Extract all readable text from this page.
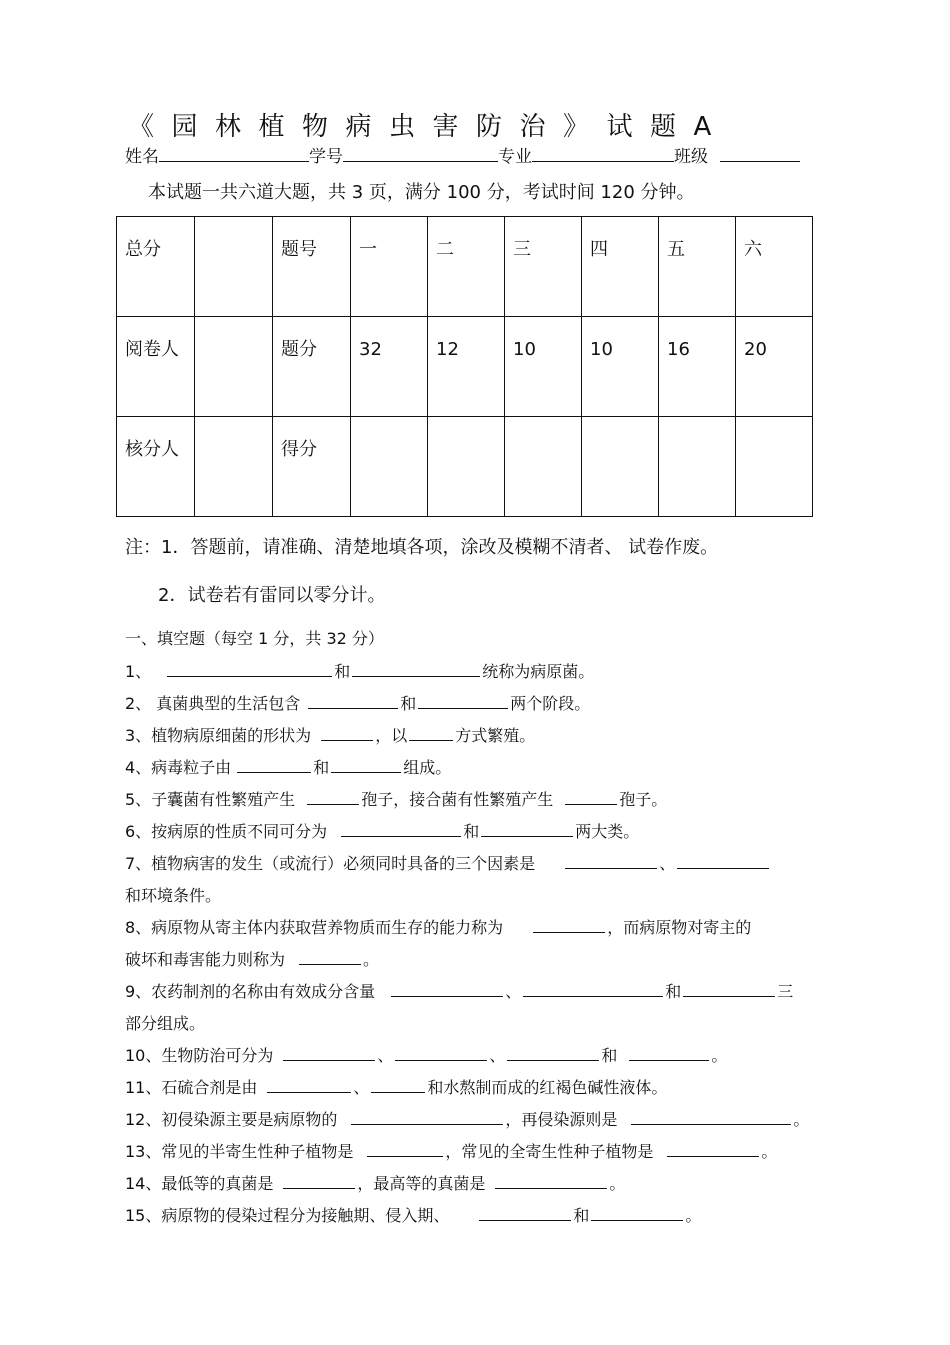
《园林植物病虫害防治》试题A
姓名	学号	专业	班级
本试题一共六道大题，共 3 页，满分 100 分，考试时间 120 分钟。
总分		题号	一	二	三	四	五	六
阅卷人		题分	32	12	10	10	16	20
核分人		得分						
注：1．答题前，请准确、清楚地填各项，涂改及模糊不清者、 试卷作废。
2．试卷若有雷同以零分计。
一、填空题（每空 1 分，共 32 分）
1、	和	统称为病原菌。
2、 真菌典型的生活包含	和	两个阶段。
3、植物病原细菌的形状为	，以	方式繁殖。
4、病毒粒子由	和	组成。
5、子囊菌有性繁殖产生	孢子，接合菌有性繁殖产生	孢子。
6、按病原的性质不同可分为	和	两大类。
7、植物病害的发生（或流行）必须同时具备的三个因素是	、
和环境条件。
8、病原物从寄主体内获取营养物质而生存的能力称为	，而病原物对寄主的
破坏和毒害能力则称为	。
9、农药制剂的名称由有效成分含量	、	和	三
部分组成。
10、生物防治可分为	、	、	和	。
11、石硫合剂是由	、	和水熬制而成的红褐色碱性液体。
12、初侵染源主要是病原物的	，再侵染源则是	。
13、常见的半寄生性种子植物是	，常见的全寄生性种子植物是	。
14、最低等的真菌是	，最高等的真菌是	。
15、病原物的侵染过程分为接触期、侵入期、	和	。
